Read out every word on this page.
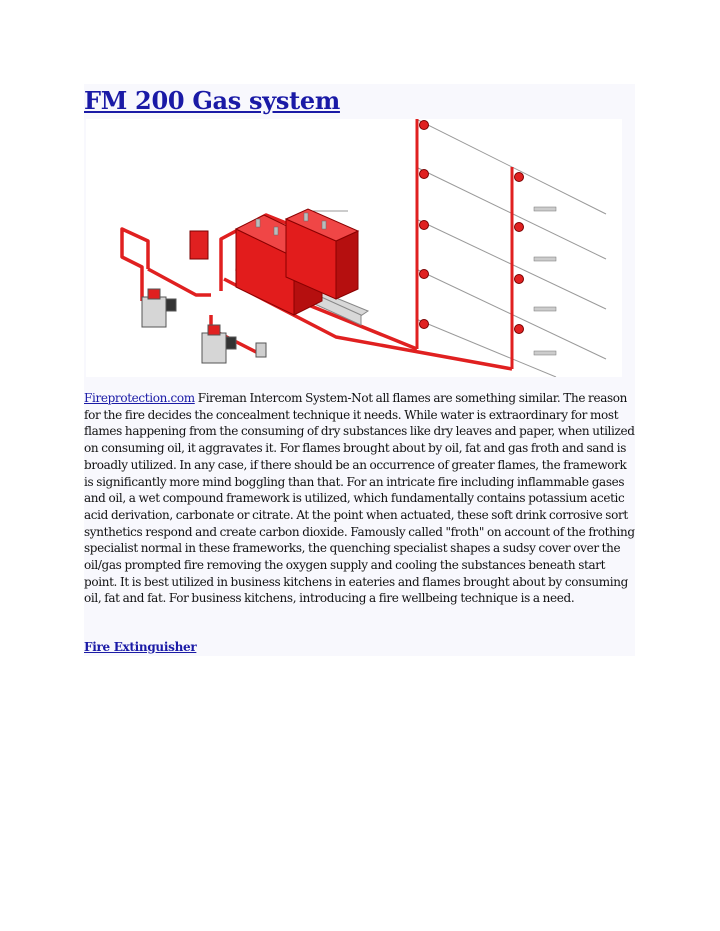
FM 200 Gas system

Fireprotection.com Fireman Intercom System-Not all flames are something similar. The reason for the fire decides the concealment technique it needs. While water is extraordinary for most flames happening from the consuming of dry substances like dry leaves and paper, when utilized on consuming oil, it aggravates it. For flames brought about by oil, fat and gas froth and sand is broadly utilized. In any case, if there should be an occurrence of greater flames, the framework is significantly more mind boggling than that. For an intricate fire including inflammable gases and oil, a wet compound framework is utilized, which fundamentally contains potassium acetic acid derivation, carbonate or citrate. At the point when actuated, these soft drink corrosive sort synthetics respond and create carbon dioxide. Famously called "froth" on account of the frothing specialist normal in these frameworks, the quenching specialist shapes a sudsy cover over the oil/gas prompted fire removing the oxygen supply and cooling the substances beneath start point. It is best utilized in business kitchens in eateries and flames brought about by consuming oil, fat and fat. For business kitchens, introducing a fire wellbeing technique is a need.

Fire Extinguisher
